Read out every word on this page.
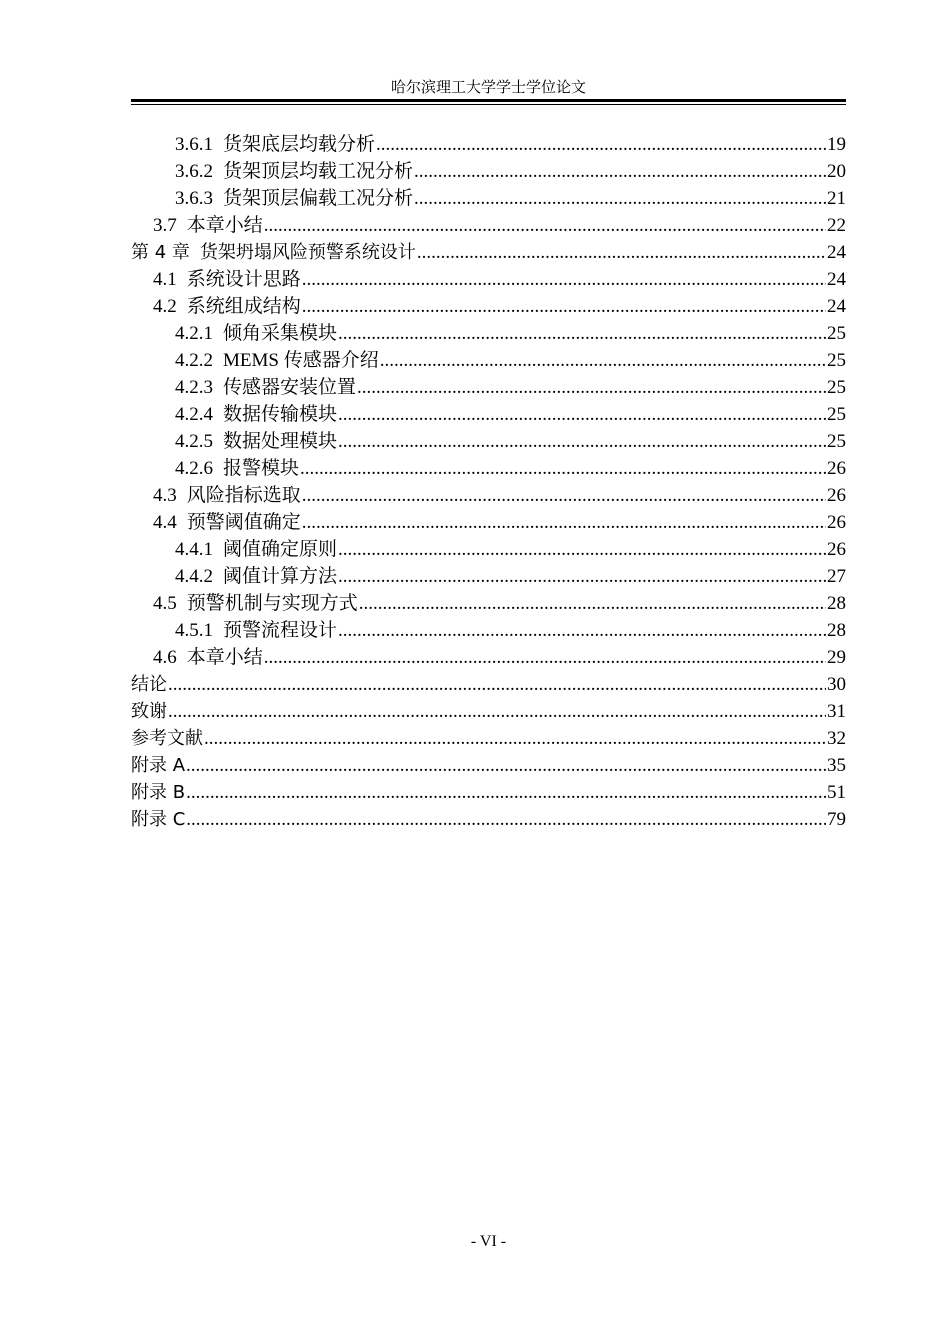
哈尔滨理工大学学士学位论文
3.6.1 货架底层均载分析 .....	19
3.6.2 货架顶层均载工况分析 .....	20
3.6.3 货架顶层偏载工况分析 .....	21
3.7 本章小结 .....	22
第 4 章 货架坍塌风险预警系统设计 .....	24
4.1 系统设计思路 .....	24
4.2 系统组成结构 .....	24
4.2.1 倾角采集模块 .....	25
4.2.2 MEMS 传感器介绍 .....	25
4.2.3 传感器安装位置 .....	25
4.2.4 数据传输模块 .....	25
4.2.5 数据处理模块 .....	25
4.2.6 报警模块 .....	26
4.3 风险指标选取 .....	26
4.4 预警阈值确定 .....	26
4.4.1 阈值确定原则 .....	26
4.4.2 阈值计算方法 .....	27
4.5 预警机制与实现方式 .....	28
4.5.1 预警流程设计 .....	28
4.6 本章小结 .....	29
结论 .....	30
致谢 .....	31
参考文献 .....	32
附录 A .....	35
附录 B .....	51
附录 C .....	79
- VI -
